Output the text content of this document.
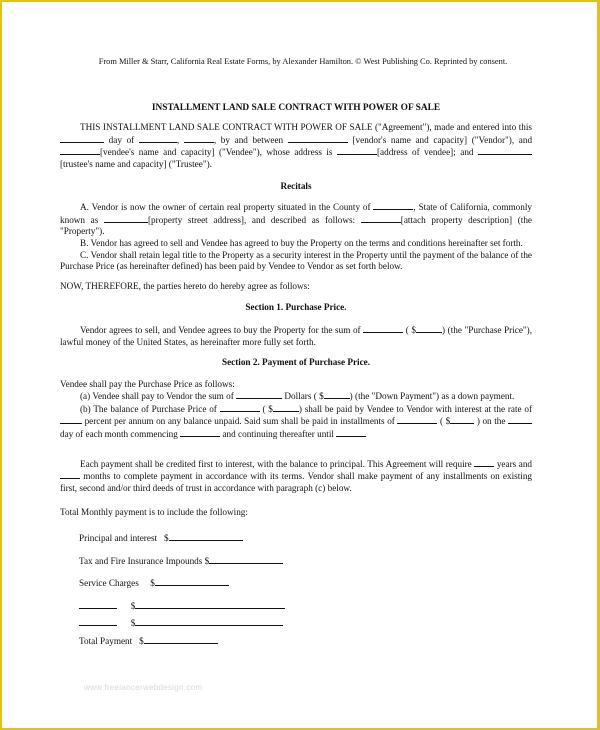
From Miller & Starr, California Real Estate Forms, by Alexander Hamilton. © West Publishing Co. Reprinted by consent.
INSTALLMENT LAND SALE CONTRACT WITH POWER OF SALE

THIS INSTALLMENT LAND SALE CONTRACT WITH POWER OF SALE ("Agreement"), made and entered into this  day of	,	, by and between	[vendor's name and capacity] ("Vendor"), and [vendee's name and capacity] ("Vendee"), whose address is	[address of vendee]; and [trustee's name and capacity] ("Trustee").

Recitals

A. Vendor is now the owner of certain real property situated in the County of	, State of California, commonly known as	[property street address], and described as follows:	[attach property description] (the "Property").

B. Vendor has agreed to sell and Vendee has agreed to buy the Property on the terms and conditions hereinafter set forth.

C. Vendor shall retain legal title to the Property as a security interest in the Property until the payment of the balance of the Purchase Price (as hereinafter defined) has been paid by Vendee to Vendor as set forth below.

NOW, THEREFORE, the parties hereto do hereby agree as follows:

Section 1. Purchase Price.

Vendor agrees to sell, and Vendee agrees to buy the Property for the sum of	( $	) (the "Purchase Price"), lawful money of the United States, as hereinafter more fully set forth.

Section 2. Payment of Purchase Price.

Vendee shall pay the Purchase Price as follows:

(a) Vendee shall pay to Vendor the sum of	Dollars ( $	) (the "Down Payment") as a down payment.

(b) The balance of Purchase Price of	( $	) shall be paid by Vendee to Vendor with interest at the rate of  percent per annum on any balance unpaid. Said sum shall be paid in installments of	( $	) on the  day of each month commencing	and continuing thereafter until

Each payment shall be credited first to interest, with the balance to principal. This Agreement will require	years and  months to complete payment in accordance with its terms. Vendor shall make payment of any installments on existing first, second and/or third deeds of trust in accordance with paragraph (c) below.

Total Monthly payment is to include the following:

Principal and interest $
Tax and Fire Insurance Impounds $
Service Charges $
$
$
Total Payment $
www.freelancerwebdesign.com
